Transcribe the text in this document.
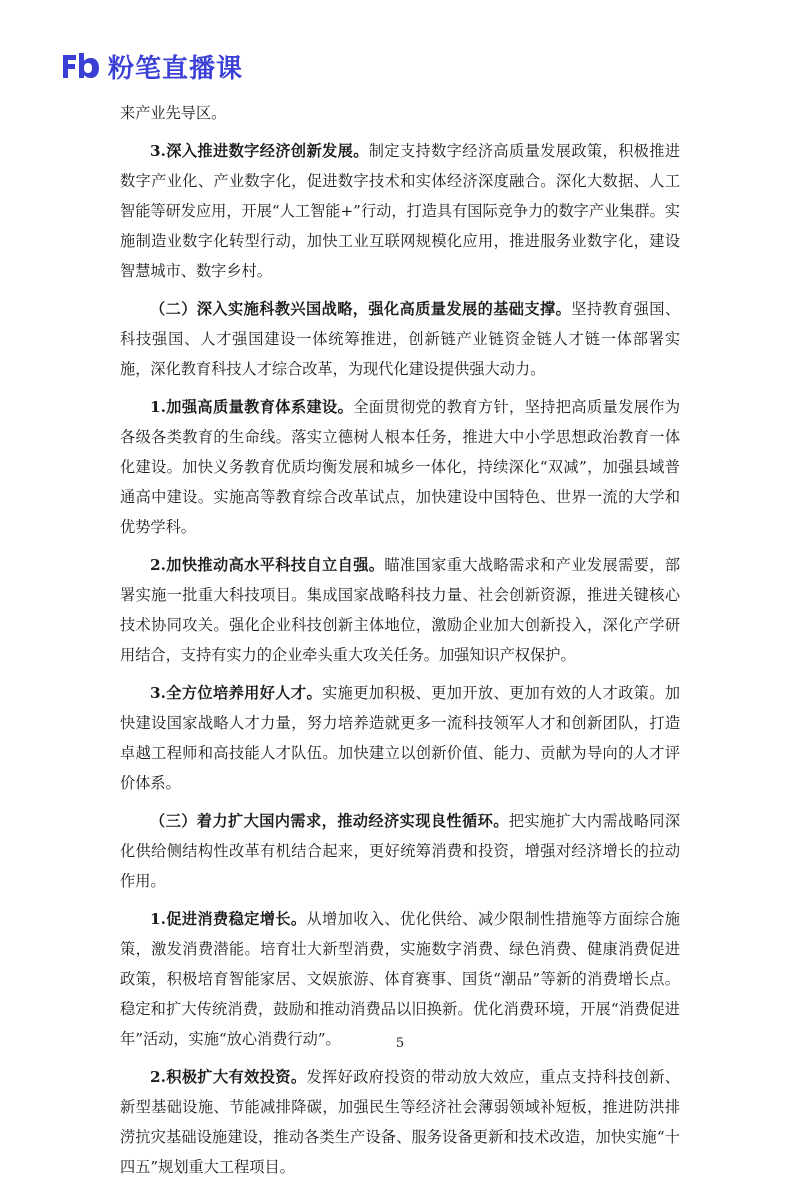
粉笔直播课

来产业先导区。

3.深入推进数字经济创新发展。制定支持数字经济高质量发展政策，积极推进数字产业化、产业数字化，促进数字技术和实体经济深度融合。深化大数据、人工智能等研发应用，开展“人工智能+”行动，打造具有国际竞争力的数字产业集群。实施制造业数字化转型行动，加快工业互联网规模化应用，推进服务业数字化，建设智慧城市、数字乡村。

（二）深入实施科教兴国战略，强化高质量发展的基础支撑。坚持教育强国、科技强国、人才强国建设一体统筹推进，创新链产业链资金链人才链一体部署实施，深化教育科技人才综合改革，为现代化建设提供强大动力。

1.加强高质量教育体系建设。全面贯彻党的教育方针，坚持把高质量发展作为各级各类教育的生命线。落实立德树人根本任务，推进大中小学思想政治教育一体化建设。加快义务教育优质均衡发展和城乡一体化，持续深化“双减”，加强县域普通高中建设。实施高等教育综合改革试点，加快建设中国特色、世界一流的大学和优势学科。

2.加快推动高水平科技自立自强。瞄准国家重大战略需求和产业发展需要，部署实施一批重大科技项目。集成国家战略科技力量、社会创新资源，推进关键核心技术协同攻关。强化企业科技创新主体地位，激励企业加大创新投入，深化产学研用结合，支持有实力的企业牵头重大攻关任务。加强知识产权保护。

3.全方位培养用好人才。实施更加积极、更加开放、更加有效的人才政策。加快建设国家战略人才力量，努力培养造就更多一流科技领军人才和创新团队，打造卓越工程师和高技能人才队伍。加快建立以创新价值、能力、贡献为导向的人才评价体系。

（三）着力扩大国内需求，推动经济实现良性循环。把实施扩大内需战略同深化供给侧结构性改革有机结合起来，更好统筹消费和投资，增强对经济增长的拉动作用。

1.促进消费稳定增长。从增加收入、优化供给、减少限制性措施等方面综合施策，激发消费潜能。培育壮大新型消费，实施数字消费、绿色消费、健康消费促进政策，积极培育智能家居、文娱旅游、体育赛事、国货“潮品”等新的消费增长点。稳定和扩大传统消费，鼓励和推动消费品以旧换新。优化消费环境，开展“消费促进年”活动，实施“放心消费行动”。

2.积极扩大有效投资。发挥好政府投资的带动放大效应，重点支持科技创新、新型基础设施、节能减排降碳，加强民生等经济社会薄弱领域补短板，推进防洪排涝抗灾基础设施建设，推动各类生产设备、服务设备更新和技术改造，加快实施“十四五”规划重大工程项目。

5
